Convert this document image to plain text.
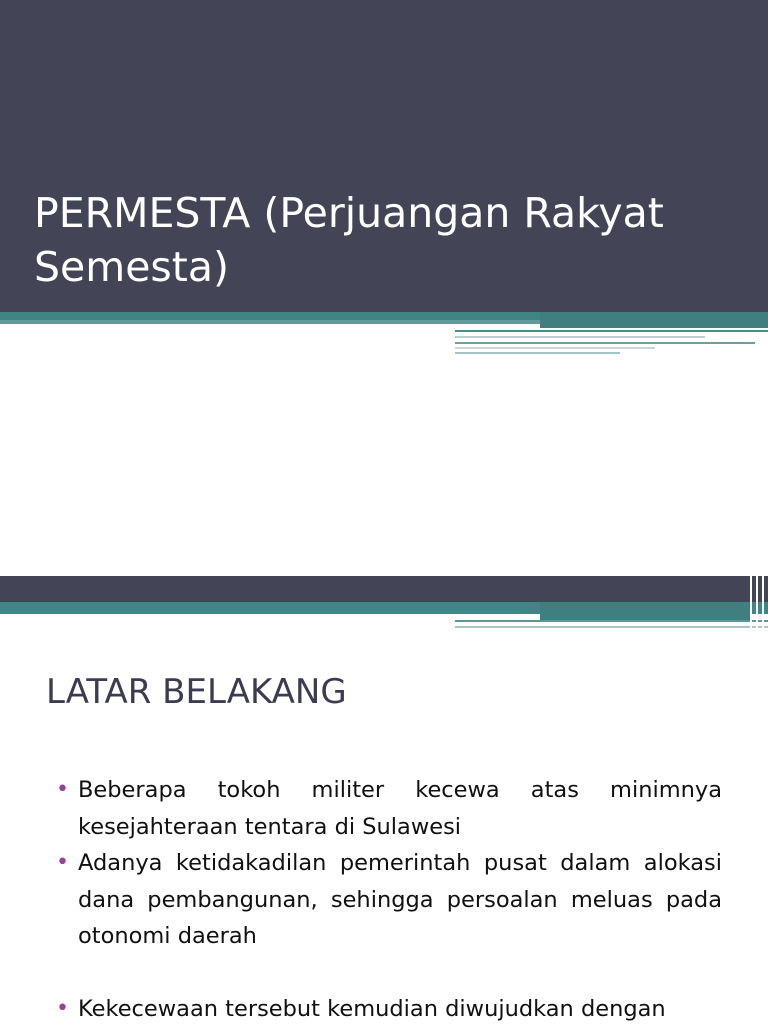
PERMESTA (Perjuangan Rakyat Semesta)
LATAR BELAKANG
• Beberapa tokoh militer kecewa atas minimnya kesejahteraan tentara di Sulawesi
• Adanya ketidakadilan pemerintah pusat dalam alokasi dana pembangunan, sehingga persoalan meluas pada otonomi daerah
• Kekecewaan tersebut kemudian diwujudkan dengan
